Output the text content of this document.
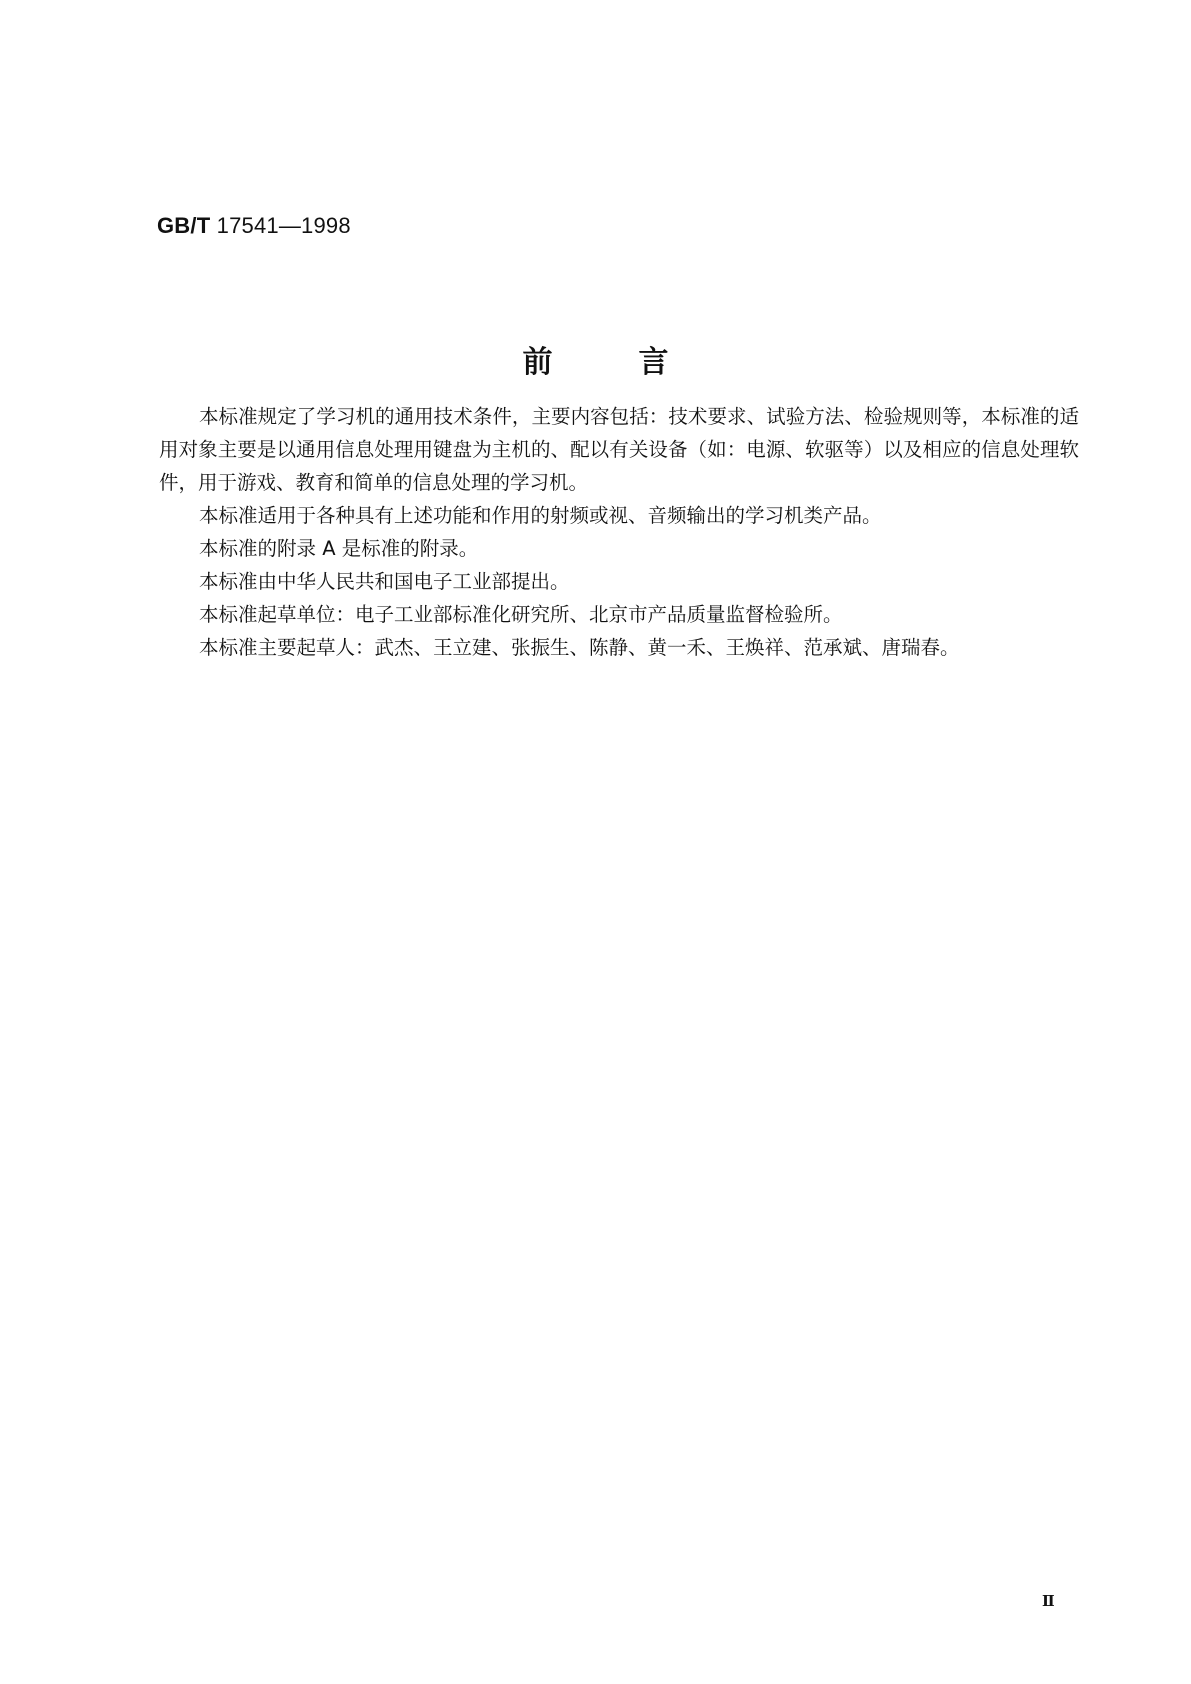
GB/T 17541—1998
前	言

本标准规定了学习机的通用技术条件，主要内容包括：技术要求、试验方法、检验规则等，本标准的适用对象主要是以通用信息处理用键盘为主机的、配以有关设备（如：电源、软驱等）以及相应的信息处理软件，用于游戏、教育和简单的信息处理的学习机。

本标准适用于各种具有上述功能和作用的射频或视、音频输出的学习机类产品。

本标准的附录 A 是标准的附录。

本标准由中华人民共和国电子工业部提出。

本标准起草单位：电子工业部标准化研究所、北京市产品质量监督检验所。

本标准主要起草人：武杰、王立建、张振生、陈静、黄一禾、王焕祥、范承斌、唐瑞春。

Ⅱ
